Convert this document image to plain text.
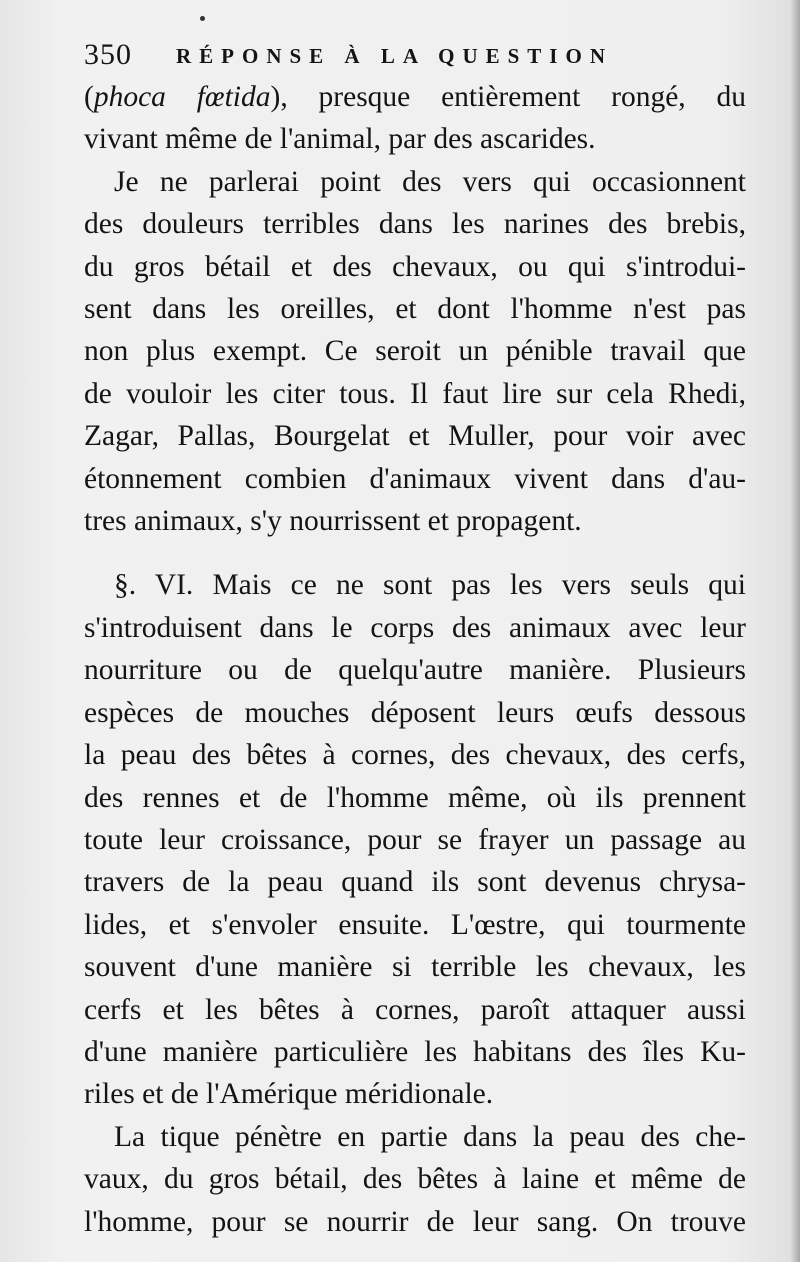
350 RÉPONSE À LA QUESTION

(phoca fœtida), presque entièrement rongé, du
vivant même de l'animal, par des ascarides.

Je ne parlerai point des vers qui occasionnent
des douleurs terribles dans les narines des brebis,
du gros bétail et des chevaux, ou qui s'introdui-
sent dans les oreilles, et dont l'homme n'est pas
non plus exempt. Ce seroit un pénible travail que
de vouloir les citer tous. Il faut lire sur cela Rhedi,
Zagar, Pallas, Bourgelat et Muller, pour voir avec
étonnement combien d'animaux vivent dans d'au-
tres animaux, s'y nourrissent et propagent.

§. VI. Mais ce ne sont pas les vers seuls qui
s'introduisent dans le corps des animaux avec leur
nourriture ou de quelqu'autre manière. Plusieurs
espèces de mouches déposent leurs œufs dessous
la peau des bêtes à cornes, des chevaux, des cerfs,
des rennes et de l'homme même, où ils prennent
toute leur croissance, pour se frayer un passage au
travers de la peau quand ils sont devenus chrysa-
lides, et s'envoler ensuite. L'œstre, qui tourmente
souvent d'une manière si terrible les chevaux, les
cerfs et les bêtes à cornes, paroît attaquer aussi
d'une manière particulière les habitans des îles Ku-
riles et de l'Amérique méridionale.

La tique pénètre en partie dans la peau des che-
vaux, du gros bétail, des bêtes à laine et même de
l'homme, pour se nourrir de leur sang. On trouve
